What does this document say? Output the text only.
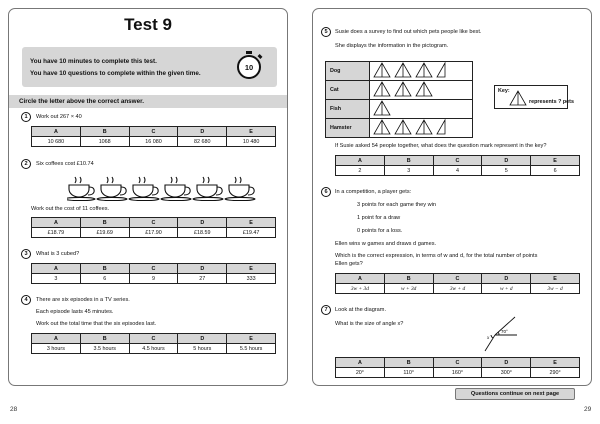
Test 9
You have 10 minutes to complete this test.
You have 10 questions to complete within the given time.
10
Circle the letter above the correct answer.
1	Work out 267 × 40
A	B	C	D	E
10 680	1068	16 080	82 680	10 480
2	Six coffees cost £10.74
Work out the cost of 11 coffees.
A	B	C	D	E
£18.79	£19.69	£17.90	£18.59	£19.47
3	What is 3 cubed?
A	B	C	D	E
3	6	9	27	333
4	There are six episodes in a TV series.
Each episode lasts 45 minutes.
Work out the total time that the six episodes last.
A	B	C	D	E
3 hours	3.5 hours	4.5 hours	5 hours	5.5 hours
28
5	Susie does a survey to find out which pets people like best.
She displays the information in the pictogram.
Dog	
Cat	
Fish	
Hamster	
Key:
represents ? pets
If Susie asked 54 people together, what does the question mark represent in the key?
A	B	C	D	E
2	3	4	5	6
6	In a competition, a player gets:
3 points for each game they win
1 point for a draw
0 points for a loss.
Ellen wins w games and draws d games.
Which is the correct expression, in terms of w and d, for the total number of points
Ellen gets?
A	B	C	D	E
3w + 3d	w + 3d	3w + d	w + d	3w − d
7	Look at the diagram.
What is the size of angle x?
70°
x
A	B	C	D	E
20°	110°	160°	300°	290°
Questions continue on next page
29
